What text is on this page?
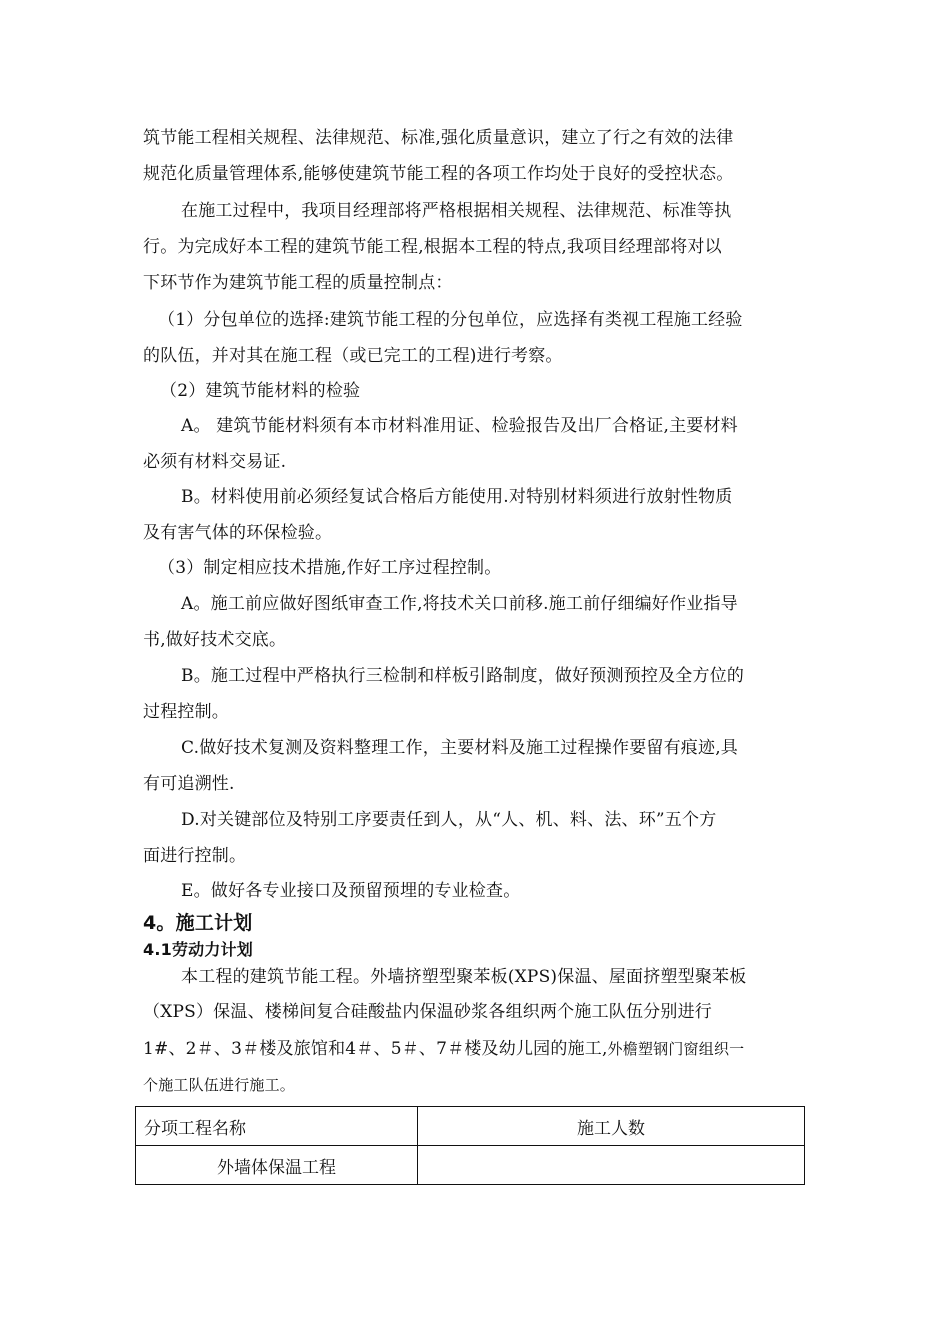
筑节能工程相关规程、法律规范、标准,强化质量意识，建立了行之有效的法律
规范化质量管理体系,能够使建筑节能工程的各项工作均处于良好的受控状态。
在施工过程中，我项目经理部将严格根据相关规程、法律规范、标准等执
行。为完成好本工程的建筑节能工程,根据本工程的特点,我项目经理部将对以
下环节作为建筑节能工程的质量控制点：
（1）分包单位的选择:建筑节能工程的分包单位，应选择有类视工程施工经验
的队伍，并对其在施工程（或已完工的工程)进行考察。
（2）建筑节能材料的检验
A。 建筑节能材料须有本市材料准用证、检验报告及出厂合格证,主要材料
必须有材料交易证.
B。材料使用前必须经复试合格后方能使用.对特别材料须进行放射性物质
及有害气体的环保检验。
（3）制定相应技术措施,作好工序过程控制。
A。施工前应做好图纸审查工作,将技术关口前移.施工前仔细编好作业指导
书,做好技术交底。
B。施工过程中严格执行三检制和样板引路制度，做好预测预控及全方位的
过程控制。
C.做好技术复测及资料整理工作，主要材料及施工过程操作要留有痕迹,具
有可追溯性.
D.对关键部位及特别工序要责任到人，从“人、机、料、法、环”五个方
面进行控制。
E。做好各专业接口及预留预埋的专业检查。
4。施工计划
4.1劳动力计划
本工程的建筑节能工程。外墙挤塑型聚苯板(XPS)保温、屋面挤塑型聚苯板
（XPS）保温、楼梯间复合硅酸盐内保温砂浆各组织两个施工队伍分别进行
1#、2＃、3＃楼及旅馆和4＃、5＃、7＃楼及幼儿园的施工,外檐塑钢门窗组织一
个施工队伍进行施工。
分项工程名称	施工人数
外墙体保温工程	
